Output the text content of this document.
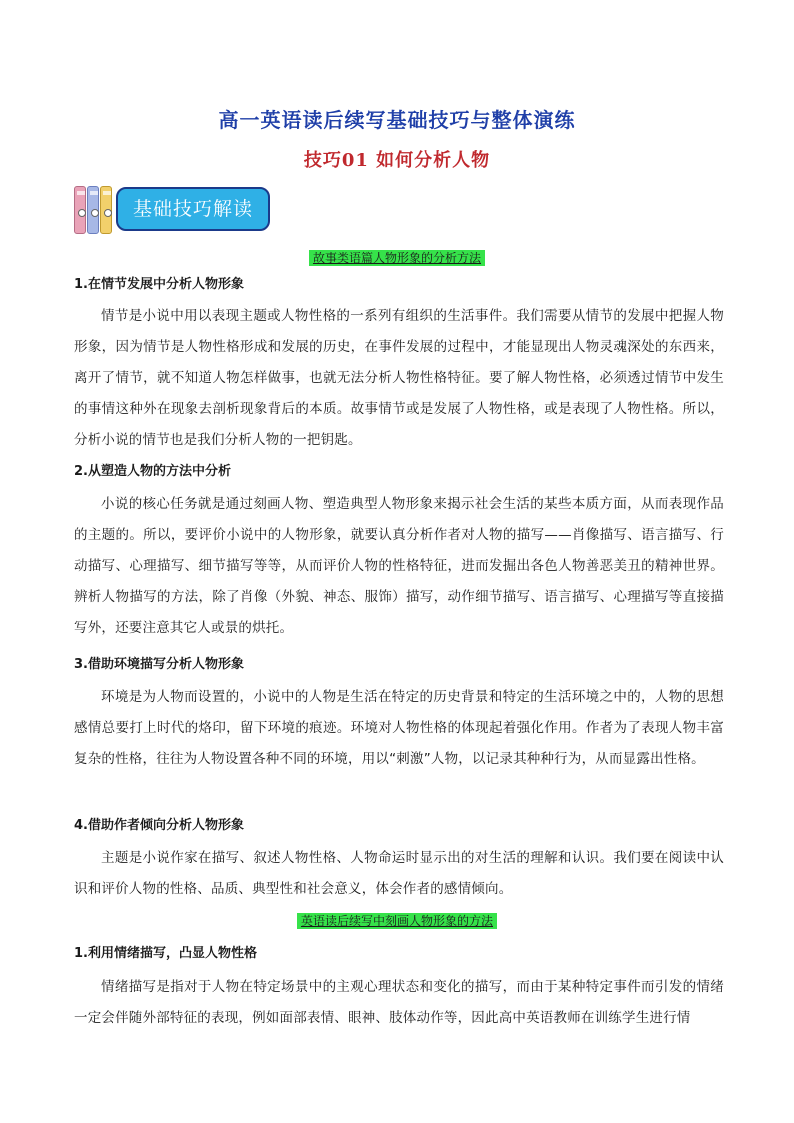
高一英语读后续写基础技巧与整体演练
技巧01 如何分析人物
基础技巧解读
故事类语篇人物形象的分析方法
1.在情节发展中分析人物形象
情节是小说中用以表现主题或人物性格的一系列有组织的生活事件。我们需要从情节的发展中把握人物形象，因为情节是人物性格形成和发展的历史，在事件发展的过程中，才能显现出人物灵魂深处的东西来，离开了情节，就不知道人物怎样做事，也就无法分析人物性格特征。要了解人物性格，必须透过情节中发生的事情这种外在现象去剖析现象背后的本质。故事情节或是发展了人物性格，或是表现了人物性格。所以，分析小说的情节也是我们分析人物的一把钥匙。
2.从塑造人物的方法中分析
小说的核心任务就是通过刻画人物、塑造典型人物形象来揭示社会生活的某些本质方面，从而表现作品的主题的。所以，要评价小说中的人物形象，就要认真分析作者对人物的描写——肖像描写、语言描写、行动描写、心理描写、细节描写等等，从而评价人物的性格特征，进而发掘出各色人物善恶美丑的精神世界。辨析人物描写的方法，除了肖像（外貌、神态、服饰）描写，动作细节描写、语言描写、心理描写等直接描写外，还要注意其它人或景的烘托。
3.借助环境描写分析人物形象
环境是为人物而设置的，小说中的人物是生活在特定的历史背景和特定的生活环境之中的，人物的思想感情总要打上时代的烙印，留下环境的痕迹。环境对人物性格的体现起着强化作用。作者为了表现人物丰富复杂的性格，往往为人物设置各种不同的环境，用以“刺激”人物，以记录其种种行为，从而显露出性格。
4.借助作者倾向分析人物形象
主题是小说作家在描写、叙述人物性格、人物命运时显示出的对生活的理解和认识。我们要在阅读中认识和评价人物的性格、品质、典型性和社会意义，体会作者的感情倾向。
英语读后续写中刻画人物形象的方法
1.利用情绪描写，凸显人物性格
情绪描写是指对于人物在特定场景中的主观心理状态和变化的描写，而由于某种特定事件而引发的情绪一定会伴随外部特征的表现，例如面部表情、眼神、肢体动作等，因此高中英语教师在训练学生进行情
